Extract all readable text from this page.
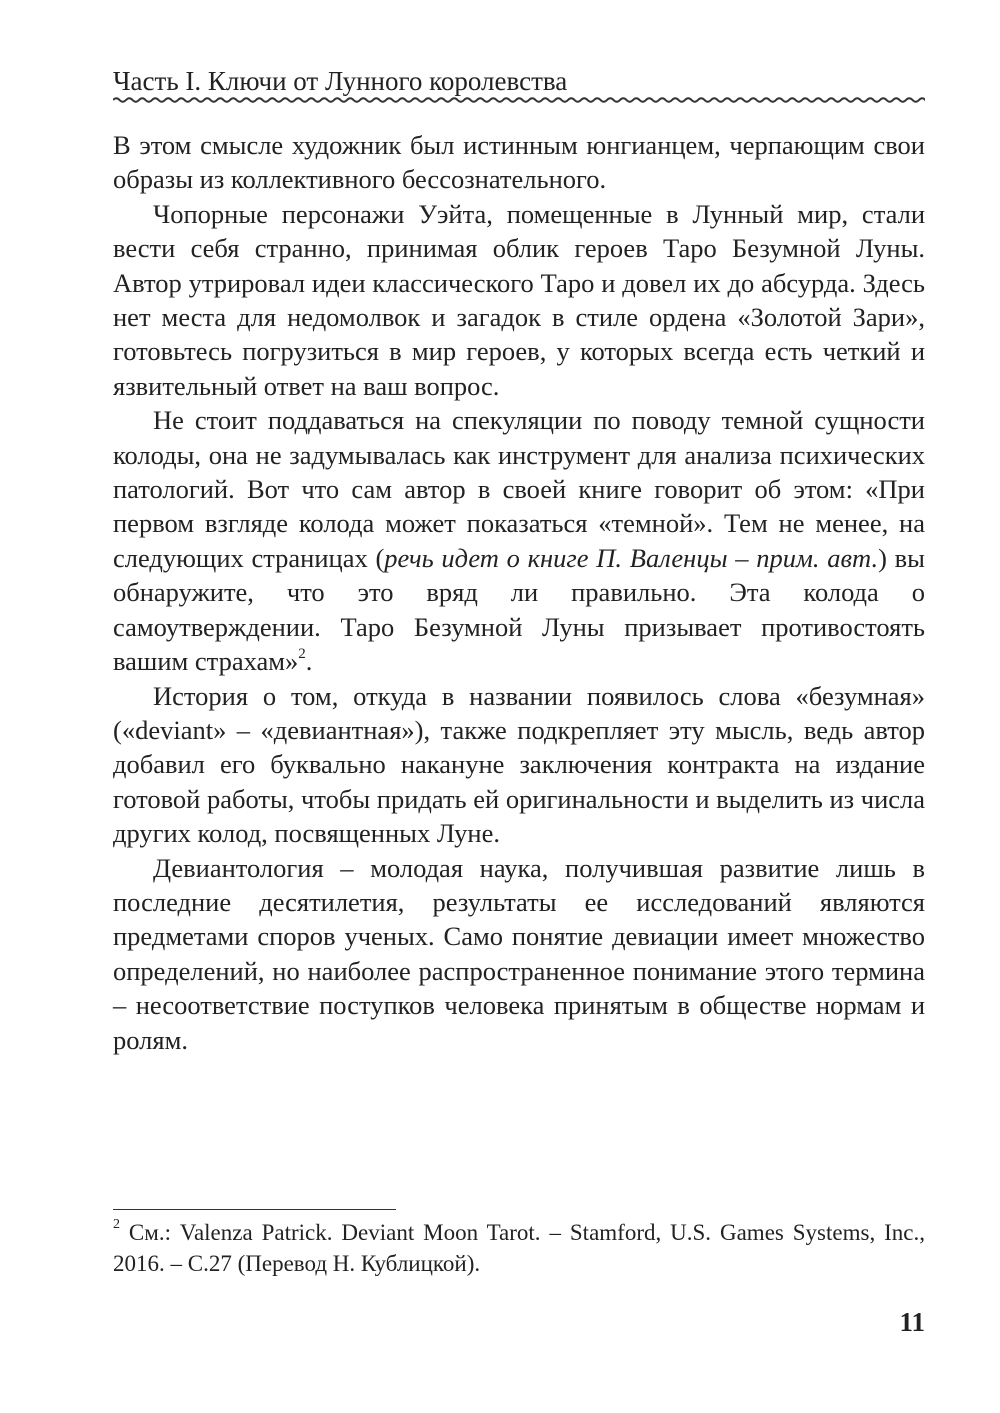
Часть I. Ключи от Лунного королевства

В этом смысле художник был истинным юнгианцем, черпающим свои образы из коллективного бессознательного.

Чопорные персонажи Уэйта, помещенные в Лунный мир, стали вести себя странно, принимая облик героев Таро Безумной Луны. Автор утрировал идеи классического Таро и довел их до абсурда. Здесь нет места для недомолвок и загадок в стиле ордена «Золотой Зари», готовьтесь погрузиться в мир героев, у которых всегда есть четкий и язвительный ответ на ваш вопрос.

Не стоит поддаваться на спекуляции по поводу темной сущности колоды, она не задумывалась как инструмент для анализа психических патологий. Вот что сам автор в своей книге говорит об этом: «При первом взгляде колода может показаться «темной». Тем не менее, на следующих страницах (речь идет о книге П. Валенцы – прим. авт.) вы обнаружите, что это вряд ли правильно. Эта колода о самоутверждении. Таро Безумной Луны призывает противостоять вашим страхам»$^2$.

История о том, откуда в названии появилось слова «безумная» («deviant» – «девиантная»), также подкрепляет эту мысль, ведь автор добавил его буквально накануне заключения контракта на издание готовой работы, чтобы придать ей оригинальности и выделить из числа других колод, посвященных Луне.

Девиантология – молодая наука, получившая развитие лишь в последние десятилетия, результаты ее исследований являются предметами споров ученых. Само понятие девиации имеет множество определений, но наиболее распространенное понимание этого термина – несоответствие поступков человека принятым в обществе нормам и ролям.

$^2$ См.: Valenza Patrick. Deviant Moon Tarot. – Stamford, U.S. Games Systems, Inc., 2016. – С.27 (Перевод Н. Кублицкой).
11
